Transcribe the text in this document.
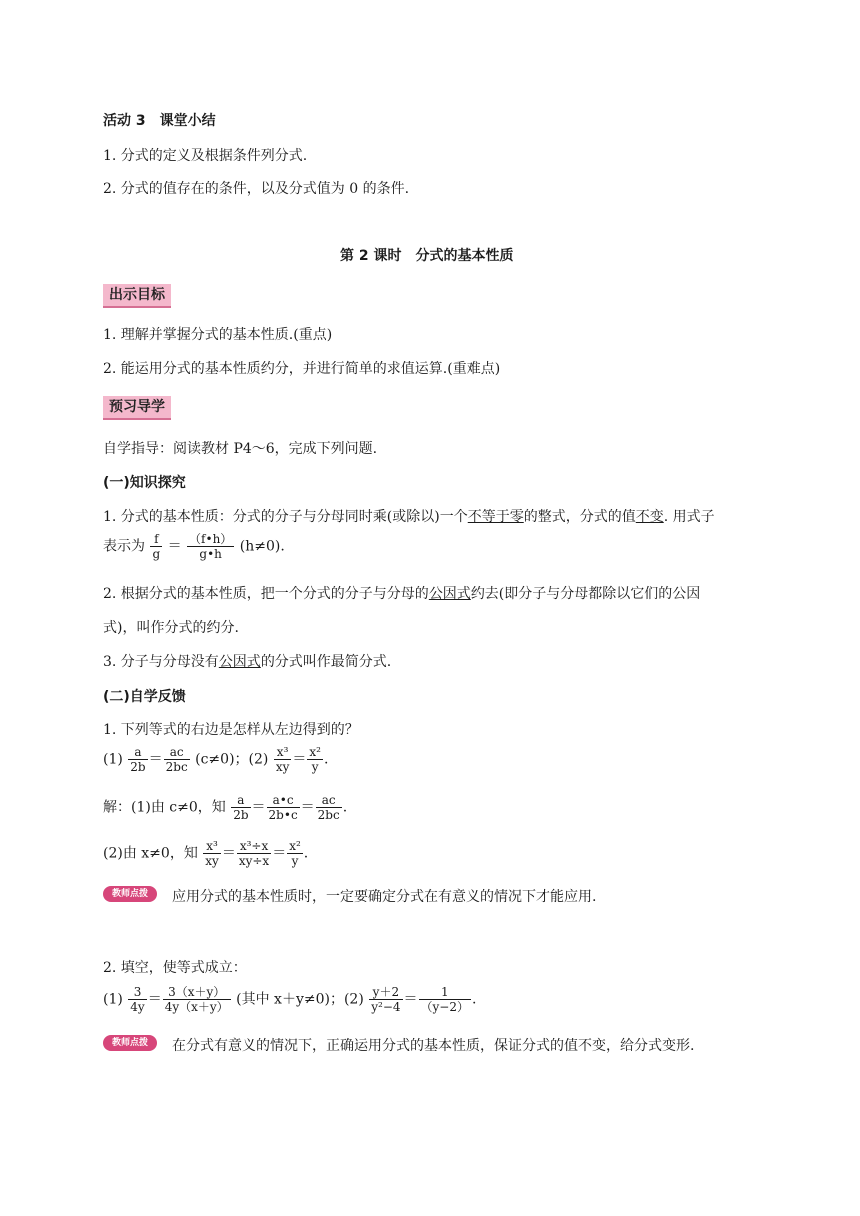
活动 3　课堂小结
1. 分式的定义及根据条件列分式.
2. 分式的值存在的条件，以及分式值为 0 的条件.
第 2 课时　分式的基本性质
出示目标
1. 理解并掌握分式的基本性质.(重点)
2. 能运用分式的基本性质约分，并进行简单的求值运算.(重难点)
预习导学
自学指导：阅读教材 P4～6，完成下列问题.
(一)知识探究
1. 分式的基本性质：分式的分子与分母同时乘(或除以)一个不等于零的整式，分式的值不变. 用式子
表示为 $\frac{f}{g} = \frac{(f•h)}{g•h} (h\ne 0)$.
2. 根据分式的基本性质，把一个分式的分子与分母的公因式约去(即分子与分母都除以它们的公因
式)，叫作分式的约分.
3. 分子与分母没有公因式的分式叫作最简分式.
(二)自学反馈
1. 下列等式的右边是怎样从左边得到的？
$(1) \frac{a}{2b} = \frac{ac}{2bc} (c\ne 0)$；$(2) \frac{\text{x³}}{xy} = \frac{\text{x²}}{y}$ .
解：(1)由 c≠0，知 $\frac{a}{2b} = \frac{a•c}{2b•c} = \frac{ac}{2bc}$ .
(2)由 x≠0，知 $\frac{\text{x³}}{xy} = \frac{\text{x³÷x}}{xy\div x} = \frac{\text{x²}}{y}$ .
教师点拨	应用分式的基本性质时，一定要确定分式在有意义的情况下才能应用.
2. 填空，使等式成立：
$(1) \frac{3}{4y} = \frac{3(x+y)}{4y(x+y)}$ (其中 x＋y≠0)；$(2) \frac{y+2}{\text{y²−4}} = \frac{1}{(y-2)}$ .
教师点拨	在分式有意义的情况下，正确运用分式的基本性质，保证分式的值不变，给分式变形.
